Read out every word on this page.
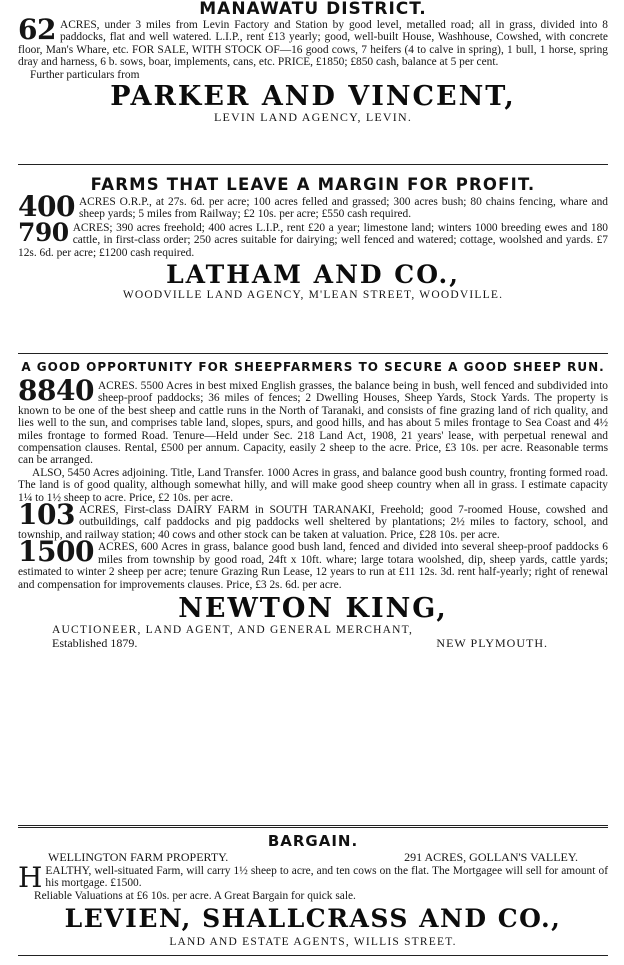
MANAWATU DISTRICT.
62 ACRES, under 3 miles from Levin Factory and Station by good level, metalled road; all in grass, divided into 8 paddocks, flat and well watered. L.I.P., rent £13 yearly; good, well-built House, Washhouse, Cowshed, with concrete floor, Man's Whare, etc. FOR SALE, WITH STOCK OF—16 good cows, 7 heifers (4 to calve in spring), 1 bull, 1 horse, spring dray and harness, 6 b. sows, boar, implements, cans, etc. PRICE, £1850; £850 cash, balance at 5 per cent.
Further particulars from
PARKER AND VINCENT,
LEVIN LAND AGENCY, LEVIN.
FARMS THAT LEAVE A MARGIN FOR PROFIT.
400 ACRES O.R.P., at 27s. 6d. per acre; 100 acres felled and grassed; 300 acres bush; 80 chains fencing, whare and sheep yards; 5 miles from Railway; £2 10s. per acre; £550 cash required.
790 ACRES; 390 acres freehold; 400 acres L.I.P., rent £20 a year; limestone land; winters 1000 breeding ewes and 180 cattle, in first-class order; 250 acres suitable for dairying; well fenced and watered; cottage, woolshed and yards. £7 12s. 6d. per acre; £1200 cash required.
LATHAM AND CO.,
WOODVILLE LAND AGENCY, M'LEAN STREET, WOODVILLE.
A GOOD OPPORTUNITY FOR SHEEPFARMERS TO SECURE A GOOD SHEEP RUN.
8840 ACRES. 5500 Acres in best mixed English grasses, the balance being in bush, well fenced and subdivided into sheep-proof paddocks; 36 miles of fences; 2 Dwelling Houses, Sheep Yards, Stock Yards. The property is known to be one of the best sheep and cattle runs in the North of Taranaki, and consists of fine grazing land of rich quality, and lies well to the sun, and comprises table land, slopes, spurs, and good hills, and has about 5 miles frontage to Sea Coast and 4½ miles frontage to formed Road. Tenure—Held under Sec. 218 Land Act, 1908, 21 years' lease, with perpetual renewal and compensation clauses. Rental, £500 per annum. Capacity, easily 2 sheep to the acre. Price, £3 10s. per acre. Reasonable terms can be arranged.
ALSO, 5450 Acres adjoining. Title, Land Transfer. 1000 Acres in grass, and balance good bush country, fronting formed road. The land is of good quality, although somewhat hilly, and will make good sheep country when all in grass. I estimate capacity 1¼ to 1½ sheep to acre. Price, £2 10s. per acre.
103 ACRES, First-class DAIRY FARM in SOUTH TARANAKI, Freehold; good 7-roomed House, cowshed and outbuildings, calf paddocks and pig paddocks well sheltered by plantations; 2½ miles to factory, school, and township, and railway station; 40 cows and other stock can be taken at valuation. Price, £28 10s. per acre.
1500 ACRES, 600 Acres in grass, balance good bush land, fenced and divided into several sheep-proof paddocks 6 miles from township by good road, 24ft x 10ft. whare; large totara woolshed, dip, sheep yards, cattle yards; estimated to winter 2 sheep per acre; tenure Grazing Run Lease, 12 years to run at £11 12s. 3d. rent half-yearly; right of renewal and compensation for improvements clauses. Price, £3 2s. 6d. per acre.
NEWTON KING,
AUCTIONEER, LAND AGENT, AND GENERAL MERCHANT,
Established 1879.	NEW PLYMOUTH.
BARGAIN.
WELLINGTON FARM PROPERTY.	291 ACRES, GOLLAN'S VALLEY.
H EALTHY, well-situated Farm, will carry 1½ sheep to acre, and ten cows on the flat. The Mortgagee will sell for amount of his mortgage. £1500.
Reliable Valuations at £6 10s. per acre. A Great Bargain for quick sale.
LEVIEN, SHALLCRASS AND CO.,
LAND AND ESTATE AGENTS, WILLIS STREET.
